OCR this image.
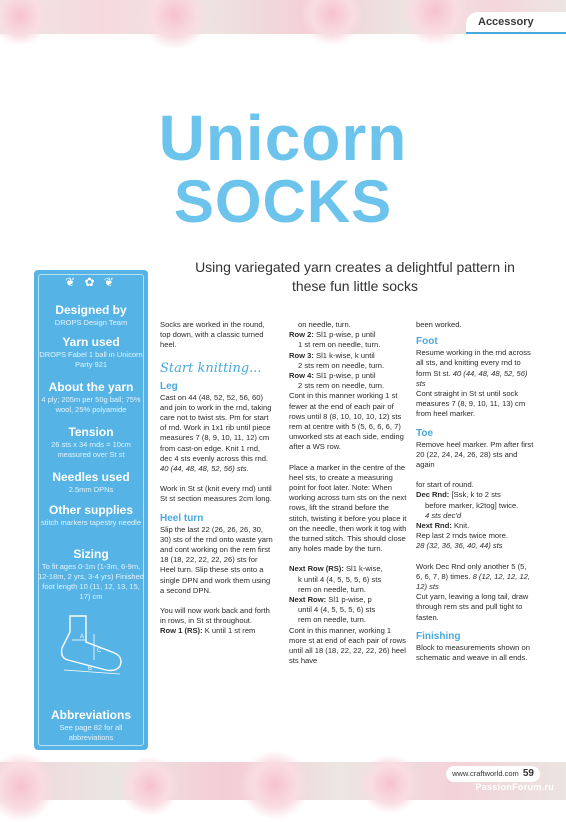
Accessory
Unicorn
SOCKS
Using variegated yarn creates a delightful pattern in these fun little socks
❦ ✿ ❦
Designed by
DROPS Design Team
Yarn used
DROPS Fabel 1 ball in Unicorn Party 921
About the yarn
4 ply; 205m per 50g ball; 75% wool, 25% polyamide
Tension
26 sts x 34 rnds = 10cm measured over St st
Needles used
2.5mm DPNs
Other supplies
stitch markers tapestry needle
Sizing
To fit ages 0-1m (1-3m, 6-9m, 12-18m, 2 yrs, 3-4 yrs) Finished foot length 10 (11, 12, 13, 15, 17) cm
A
C
B
Abbreviations
See page 82 for all abbreviations
Socks are worked in the round, top down, with a classic turned heel.
Start knitting...
Leg
Cast on 44 (48, 52, 52, 56, 60) and join to work in the rnd, taking care not to twist sts. Pm for start of rnd. Work in 1x1 rib until piece measures 7 (8, 9, 10, 11, 12) cm from cast-on edge. Knit 1 rnd, dec 4 sts evenly across this rnd. 40 (44, 48, 48, 52, 56) sts.
Work in St st (knit every rnd) until St st section measures 2cm long.
Heel turn
Slip the last 22 (26, 26, 26, 30, 30) sts of the rnd onto waste yarn and cont working on the rem first 18 (18, 22, 22, 22, 26) sts for Heel turn. Slip these sts onto a single DPN and work them using a second DPN.
You will now work back and forth in rows, in St st throughout.
Row 1 (RS): K until 1 st rem
on needle, turn.
Row 2: Sl1 p-wise, p until
1 st rem on needle, turn.
Row 3: Sl1 k-wise, k until
2 sts rem on needle, turn.
Row 4: Sl1 p-wise, p until
2 sts rem on needle, turn.
Cont in this manner working 1 st fewer at the end of each pair of rows until 8 (8, 10, 10, 10, 12) sts rem at centre with 5 (5, 6, 6, 6, 7) unworked sts at each side, ending after a WS row.
Place a marker in the centre of the heel sts, to create a measuring point for foot later. Note: When working across turn sts on the next rows, lift the strand before the stitch, twisting it before you place it on the needle, then work it tog with the turned stitch. This should close any holes made by the turn.
Next Row (RS): Sl1 k-wise,
k until 4 (4, 5, 5, 5, 6) sts
rem on needle, turn.
Next Row: Sl1 p-wise, p
until 4 (4, 5, 5, 5, 6) sts
rem on needle, turn.
Cont in this manner, working 1 more st at end of each pair of rows until all 18 (18, 22, 22, 22, 26) heel sts have
been worked.
Foot
Resume working in the rnd across all sts, and knitting every rnd to form St st. 40 (44, 48, 48, 52, 56) sts
Cont straight in St st until sock measures 7 (8, 9, 10, 11, 13) cm from heel marker.
Toe
Remove heel marker. Pm after first 20 (22, 24, 24, 26, 28) sts and again
for start of round.
Dec Rnd: [Ssk, k to 2 sts
before marker, k2tog] twice.
4 sts dec'd
Next Rnd: Knit.
Rep last 2 rnds twice more.
28 (32, 36, 36, 40, 44) sts
Work Dec Rnd only another 5 (5, 6, 6, 7, 8) times. 8 (12, 12, 12, 12, 12) sts
Cut yarn, leaving a long tail, draw through rem sts and pull tight to fasten.
Finishing
Block to measurements shown on schematic and weave in all ends.
www.craftworld.com 59
PassionForum.ru
